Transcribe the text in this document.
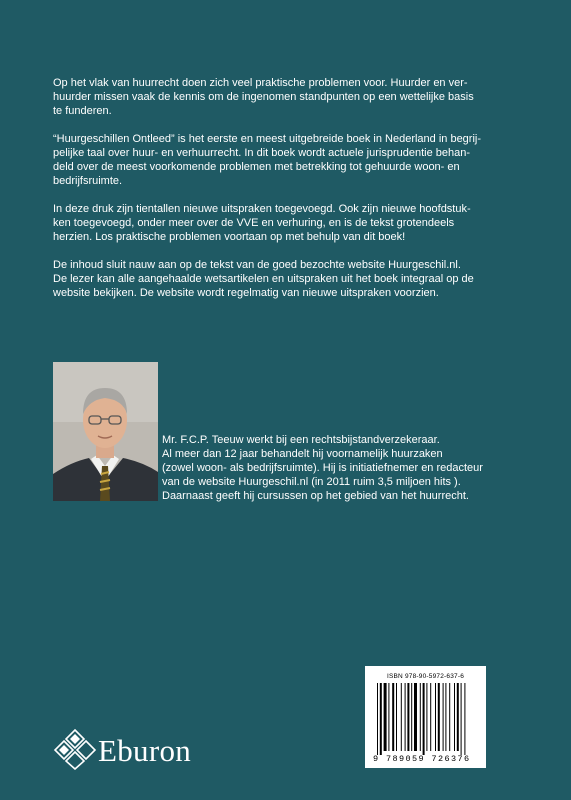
Op het vlak van huurrecht doen zich veel praktische problemen voor. Huurder en ver-
huurder missen vaak de kennis om de ingenomen standpunten op een wettelijke basis
te funderen.

“Huurgeschillen Ontleed” is het eerste en meest uitgebreide boek in Nederland in begrij-
pelijke taal over huur- en verhuurrecht. In dit boek wordt actuele jurisprudentie behan-
deld over de meest voorkomende problemen met betrekking tot gehuurde woon- en
bedrijfsruimte.

In deze druk zijn tientallen nieuwe uitspraken toegevoegd. Ook zijn nieuwe hoofdstuk-
ken toegevoegd, onder meer over de VVE en verhuring, en is de tekst grotendeels
herzien. Los praktische problemen voortaan op met behulp van dit boek!

De inhoud sluit nauw aan op de tekst van de goed bezochte website Huurgeschil.nl.
De lezer kan alle aangehaalde wetsartikelen en uitspraken uit het boek integraal op de
website bekijken. De website wordt regelmatig van nieuwe uitspraken voorzien.

Mr. F.C.P. Teeuw werkt bij een rechtsbijstandverzekeraar.
Al meer dan 12 jaar behandelt hij voornamelijk huurzaken
(zowel woon- als bedrijfsruimte). Hij is initiatiefnemer en redacteur
van de website Huurgeschil.nl (in 2011 ruim 3,5 miljoen hits ).
Daarnaast geeft hij cursussen op het gebied van het huurrecht.
ISBN 978-90-5972-637-6
9 789059 726376
Eburon
